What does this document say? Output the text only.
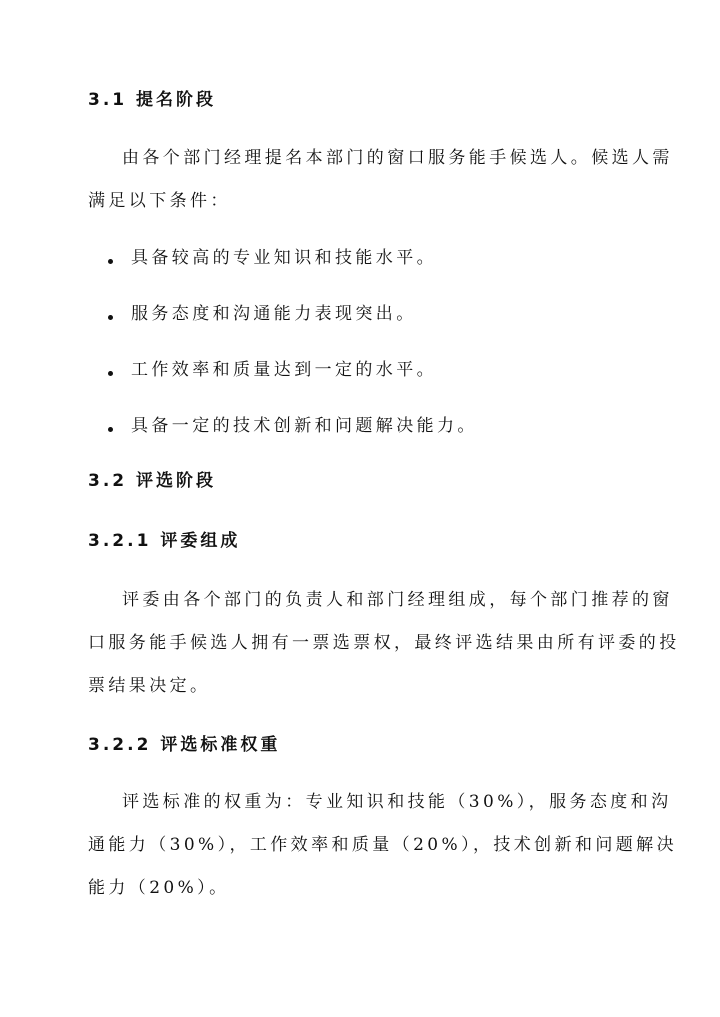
3.1 提名阶段
由各个部门经理提名本部门的窗口服务能手候选人。候选人需
满足以下条件：
具备较高的专业知识和技能水平。
服务态度和沟通能力表现突出。
工作效率和质量达到一定的水平。
具备一定的技术创新和问题解决能力。
3.2 评选阶段
3.2.1 评委组成
评委由各个部门的负责人和部门经理组成，每个部门推荐的窗
口服务能手候选人拥有一票选票权，最终评选结果由所有评委的投
票结果决定。
3.2.2 评选标准权重
评选标准的权重为：专业知识和技能（30%），服务态度和沟
通能力（30%），工作效率和质量（20%），技术创新和问题解决
能力（20%）。
